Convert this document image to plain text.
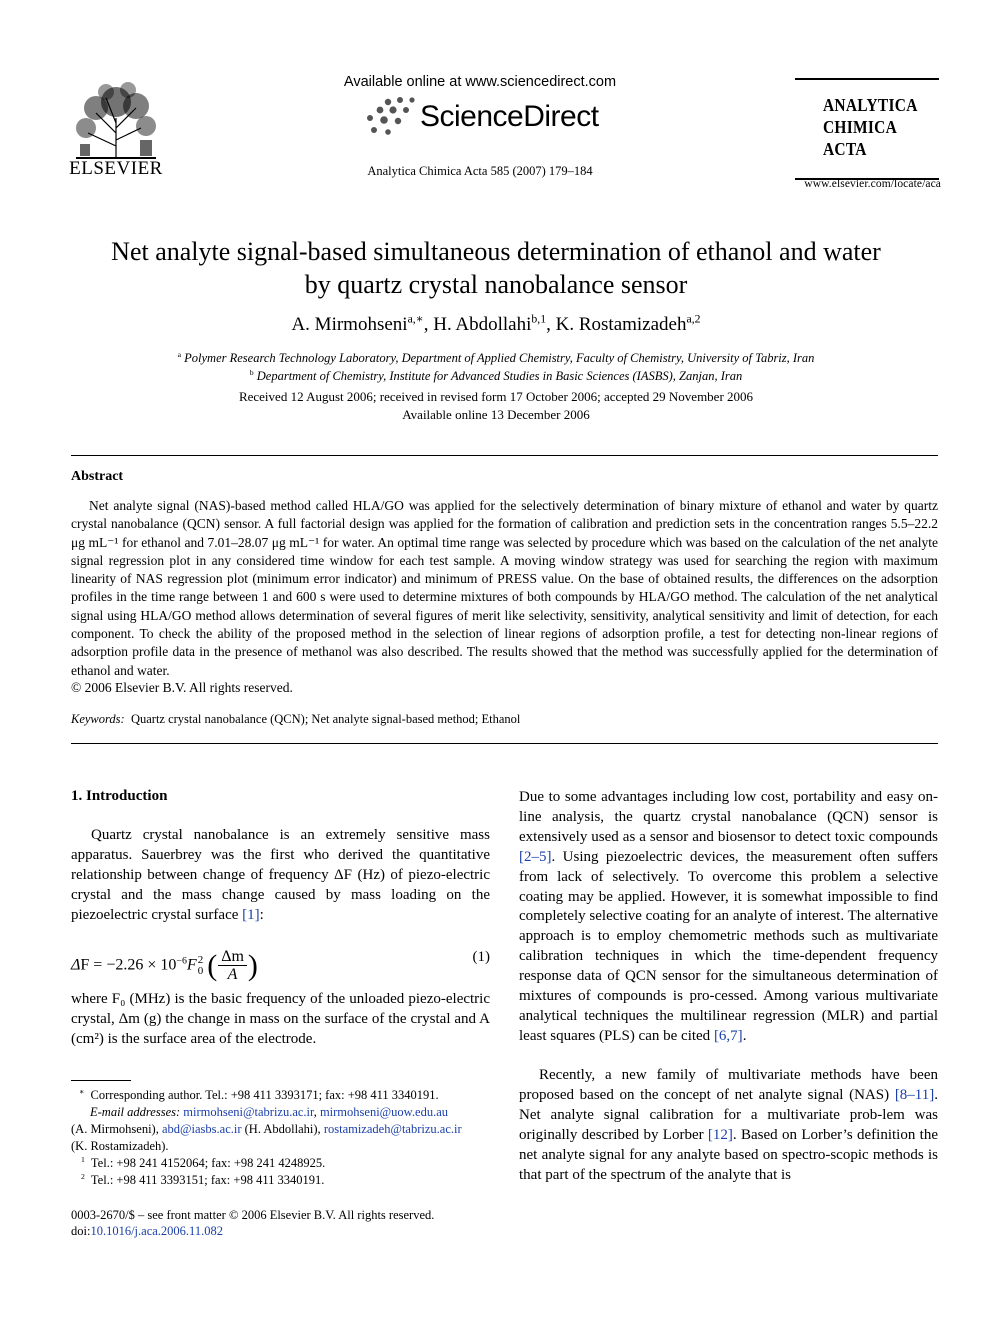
ELSEVIER
Available online at www.sciencedirect.com
ScienceDirect
Analytica Chimica Acta 585 (2007) 179–184
ANALYTICA
CHIMICA
ACTA
www.elsevier.com/locate/aca
Net analyte signal-based simultaneous determination of ethanol and water by quartz crystal nanobalance sensor
A. Mirmohseni$^{a,∗}$, H. Abdollahi$^{b,1}$, K. Rostamizadeh$^{a,2}$
$^a$ Polymer Research Technology Laboratory, Department of Applied Chemistry, Faculty of Chemistry, University of Tabriz, Iran
$^b$ Department of Chemistry, Institute for Advanced Studies in Basic Sciences (IASBS), Zanjan, Iran
Received 12 August 2006; received in revised form 17 October 2006; accepted 29 November 2006
Available online 13 December 2006
Abstract

Net analyte signal (NAS)-based method called HLA/GO was applied for the selectively determination of binary mixture of ethanol and water by quartz crystal nanobalance (QCN) sensor. A full factorial design was applied for the formation of calibration and prediction sets in the concentration ranges 5.5–22.2 μg mL⁻¹ for ethanol and 7.01–28.07 μg mL⁻¹ for water. An optimal time range was selected by procedure which was based on the calculation of the net analyte signal regression plot in any considered time window for each test sample. A moving window strategy was used for searching the region with maximum linearity of NAS regression plot (minimum error indicator) and minimum of PRESS value. On the base of obtained results, the differences on the adsorption profiles in the time range between 1 and 600 s were used to determine mixtures of both compounds by HLA/GO method. The calculation of the net analytical signal using HLA/GO method allows determination of several figures of merit like selectivity, sensitivity, analytical sensitivity and limit of detection, for each component. To check the ability of the proposed method in the selection of linear regions of adsorption profile, a test for detecting non-linear regions of adsorption profile data in the presence of methanol was also described. The results showed that the method was successfully applied for the determination of ethanol and water.

© 2006 Elsevier B.V. All rights reserved.
Keywords: Quartz crystal nanobalance (QCN); Net analyte signal-based method; Ethanol
1. Introduction
Quartz crystal nanobalance is an extremely sensitive mass apparatus. Sauerbrey was the first who derived the quantitative relationship between change of frequency ΔF (Hz) of piezo-electric crystal and the mass change caused by mass loading on the piezoelectric crystal surface [1]:
$\Delta F = -2.26 \times 10^{-6}F$ 2
0 ( $\frac{\Delta m}{A}$ )	(1)
where F₀ (MHz) is the basic frequency of the unloaded piezo-electric crystal, Δm (g) the change in mass on the surface of the crystal and A (cm²) is the surface area of the electrode.
∗ Corresponding author. Tel.: +98 411 3393171; fax: +98 411 3340191.
E-mail addresses: mirmohseni@tabrizu.ac.ir, mirmohseni@uow.edu.au
(A. Mirmohseni), abd@iasbs.ac.ir (H. Abdollahi), rostamizadeh@tabrizu.ac.ir
(K. Rostamizadeh).
$^1$ Tel.: +98 241 4152064; fax: +98 241 4248925.
$^2$ Tel.: +98 411 3393151; fax: +98 411 3340191.
0003-2670/$ – see front matter © 2006 Elsevier B.V. All rights reserved.
doi:10.1016/j.aca.2006.11.082
Due to some advantages including low cost, portability and easy on-line analysis, the quartz crystal nanobalance (QCN) sensor is extensively used as a sensor and biosensor to detect toxic compounds [2–5]. Using piezoelectric devices, the measurement often suffers from lack of selectively. To overcome this problem a selective coating may be applied. However, it is somewhat impossible to find completely selective coating for an analyte of interest. The alternative approach is to employ chemometric methods such as multivariate calibration techniques in which the time-dependent frequency response data of QCN sensor for the simultaneous determination of mixtures of compounds is pro-cessed. Among various multivariate analytical techniques the multilinear regression (MLR) and partial least squares (PLS) can be cited [6,7].
Recently, a new family of multivariate methods have been proposed based on the concept of net analyte signal (NAS) [8–11]. Net analyte signal calibration for a multivariate prob-lem was originally described by Lorber [12]. Based on Lorber’s definition the net analyte signal for any analyte based on spectro-scopic methods is that part of the spectrum of the analyte that is
